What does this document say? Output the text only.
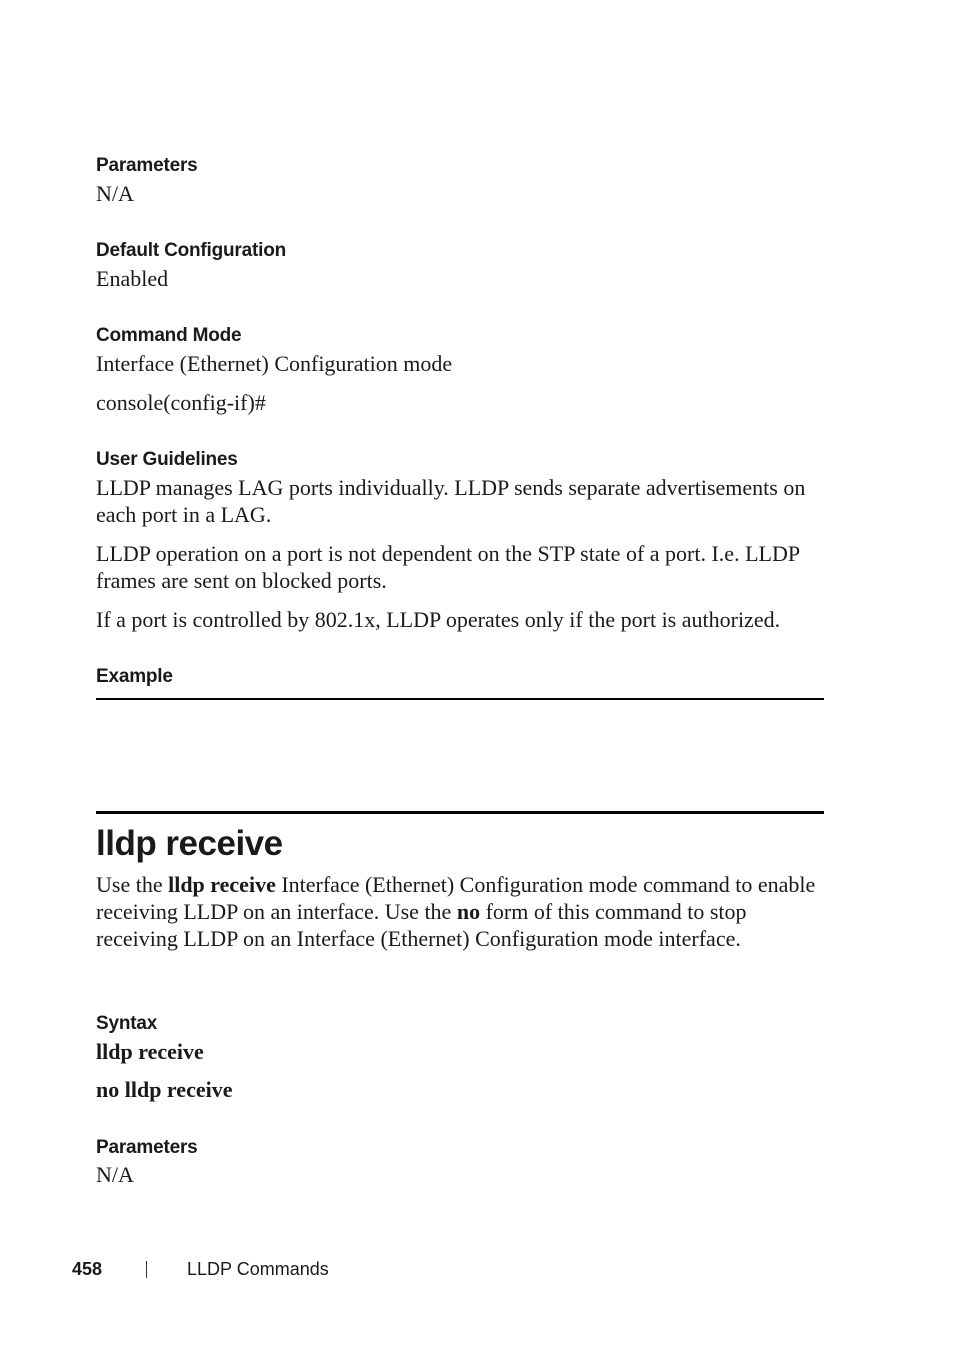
Parameters
N/A
Default Configuration
Enabled
Command Mode
Interface (Ethernet) Configuration mode
console(config-if)#
User Guidelines
LLDP manages LAG ports individually. LLDP sends separate advertisements on each port in a LAG.
LLDP operation on a port is not dependent on the STP state of a port. I.e. LLDP frames are sent on blocked ports.
If a port is controlled by 802.1x, LLDP operates only if the port is authorized.
Example
lldp receive
Use the lldp receive Interface (Ethernet) Configuration mode command to enable receiving LLDP on an interface. Use the no form of this command to stop receiving LLDP on an Interface (Ethernet) Configuration mode interface.
Syntax
lldp receive
no lldp receive
Parameters
N/A
458	LLDP Commands
